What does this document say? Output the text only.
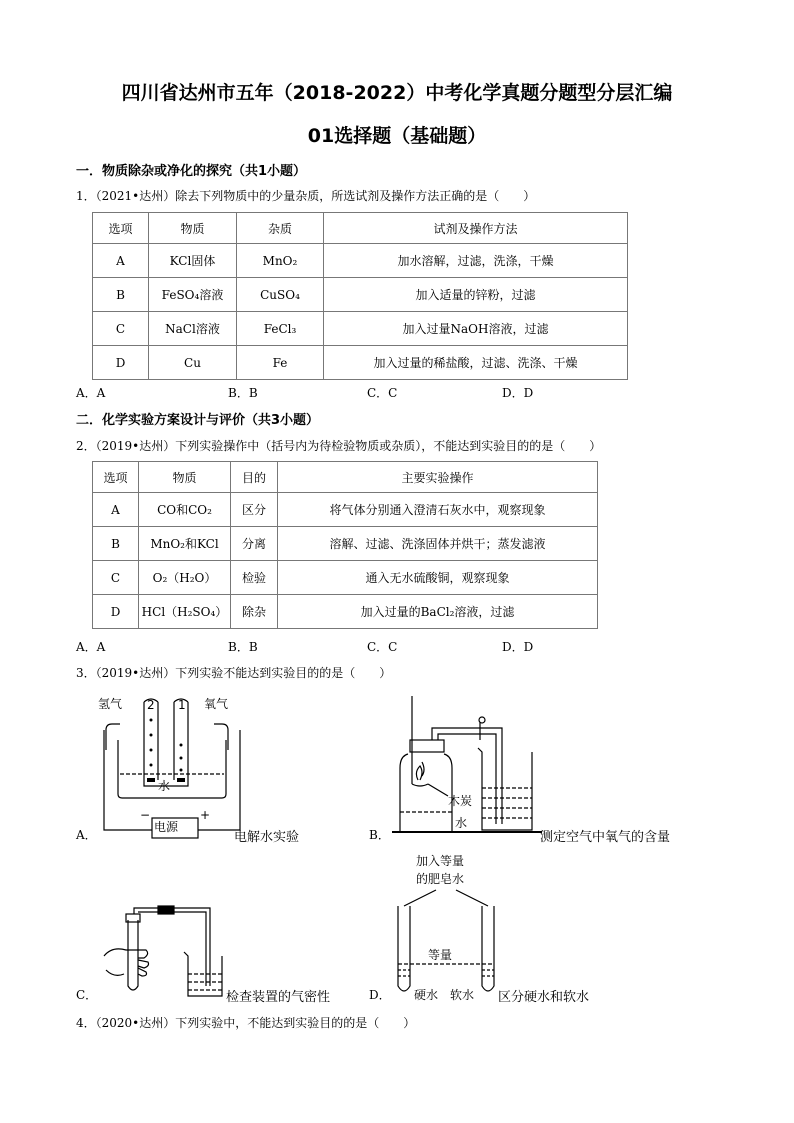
四川省达州市五年（2018-2022）中考化学真题分题型分层汇编
01选择题（基础题）
一．物质除杂或净化的探究（共1小题）
1．（2021•达州）除去下列物质中的少量杂质，所选试剂及操作方法正确的是（　　）
选项	物质	杂质	试剂及操作方法
A	KCl固体	MnO₂	加水溶解，过滤，洗涤，干燥
B	FeSO₄溶液	CuSO₄	加入适量的锌粉，过滤
C	NaCl溶液	FeCl₃	加入过量NaOH溶液，过滤
D	Cu	Fe	加入过量的稀盐酸，过滤、洗涤、干燥
A．A	B．B	C．C	D．D
二．化学实验方案设计与评价（共3小题）
2．（2019•达州）下列实验操作中（括号内为待检验物质或杂质），不能达到实验目的的是（　　）
选项	物质	目的	主要实验操作
A	CO和CO₂	区分	将气体分别通入澄清石灰水中，观察现象
B	MnO₂和KCl	分离	溶解、过滤、洗涤固体并烘干；蒸发滤液
C	O₂（H₂O）	检验	通入无水硫酸铜，观察现象
D	HCl（H₂SO₄）	除杂	加入过量的BaCl₂溶液，过滤
A．A	B．B	C．C	D．D
3．（2019•达州）下列实验不能达到实验目的的是（　　）
A．
氢气 2 1 氧气
水
电源
−	+
电解水实验	B．
木炭
水
测定空气中氧气的含量
C．	检查装置的气密性	D．
加入等量
的肥皂水
等量
硬水 软水 区分硬水和软水
4．（2020•达州）下列实验中，不能达到实验目的的是（　　）
